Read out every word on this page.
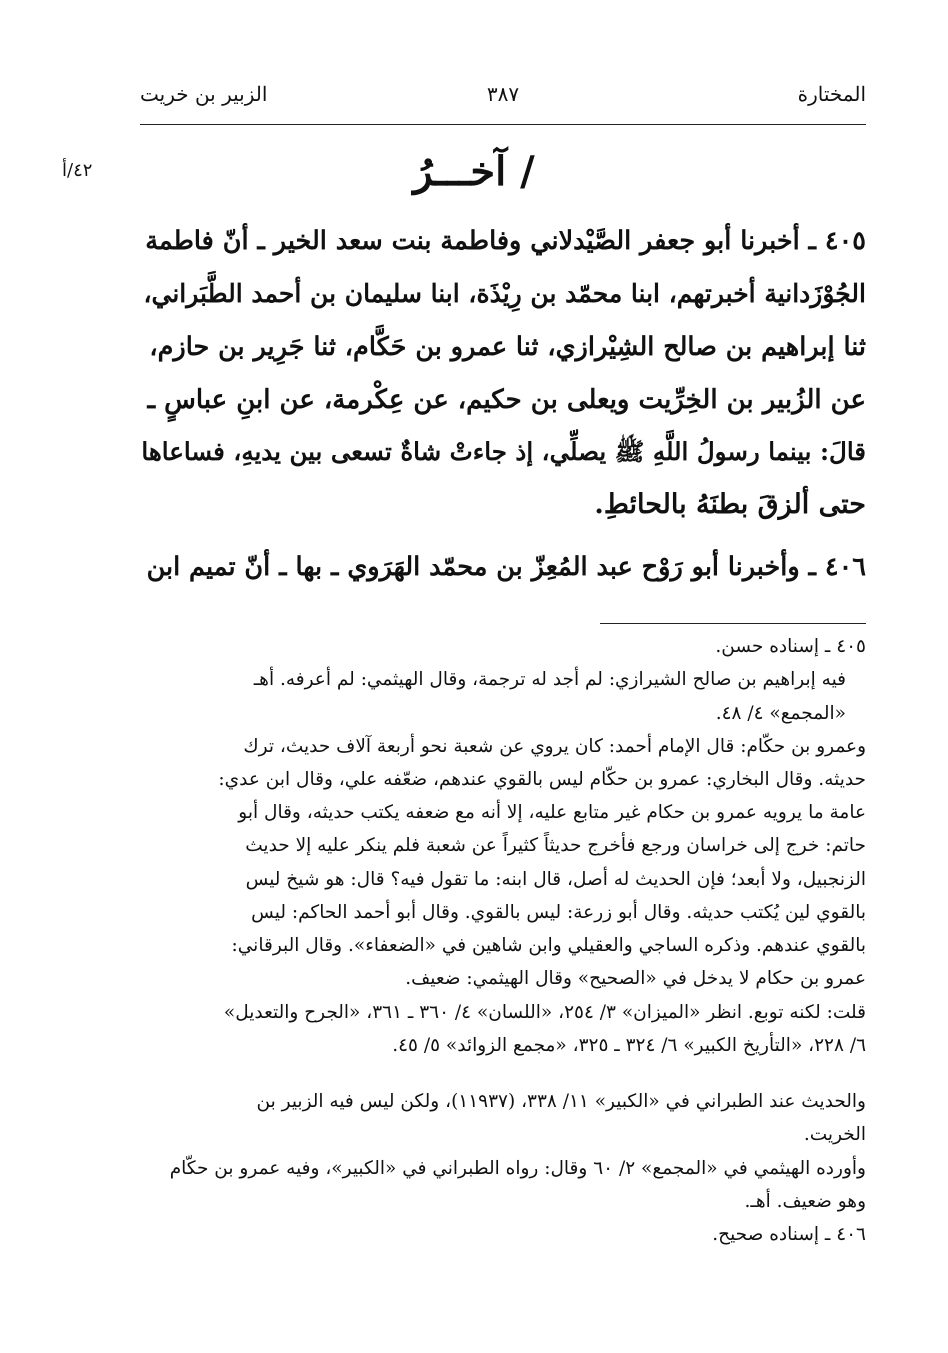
المختارة
٣٨٧
الزبير بن خريت
٤٢/أ	/ آخـــرُ
٤٠٥ ـ أخبرنا أبو جعفر الصَّيْدلاني وفاطمة بنت سعد الخير ـ أنّ فاطمة
الجُوْزَدانية أخبرتهم، ابنا محمّد بن رِيْذَة، ابنا سليمان بن أحمد الطَّبَراني،
ثنا إبراهيم بن صالح الشِيْرازي، ثنا عمرو بن حَكَّام، ثنا جَرِير بن حازم،
عن الزُبير بن الخِرِّيت ويعلى بن حكيم، عن عِكْرمة، عن ابنِ عباسٍ ـ
قالَ: بينما رسولُ اللَّهِ ﷺ يصلِّي، إذ جاءتْ شاةٌ تسعى بين يديهِ، فساعاها
حتى ألزقَ بطنَهُ بالحائطِ.
٤٠٦ ـ وأخبرنا أبو رَوْح عبد المُعِزّ بن محمّد الهَرَوي ـ بها ـ أنّ تميم ابن
٤٠٥ ـ إسناده حسن.
فيه إبراهيم بن صالح الشيرازي: لم أجد له ترجمة، وقال الهيثمي: لم أعرفه. أهـ
«المجمع» ٤/ ٤٨.
وعمرو بن حكّام: قال الإمام أحمد: كان يروي عن شعبة نحو أربعة آلاف حديث، ترك
حديثه. وقال البخاري: عمرو بن حكّام ليس بالقوي عندهم، ضعّفه علي، وقال ابن عدي:
عامة ما يرويه عمرو بن حكام غير متابع عليه، إلا أنه مع ضعفه يكتب حديثه، وقال أبو
حاتم: خرج إلى خراسان ورجع فأخرج حديثاً كثيراً عن شعبة فلم ينكر عليه إلا حديث
الزنجبيل، ولا أبعد؛ فإن الحديث له أصل، قال ابنه: ما تقول فيه؟ قال: هو شيخ ليس
بالقوي لين يُكتب حديثه. وقال أبو زرعة: ليس بالقوي. وقال أبو أحمد الحاكم: ليس
بالقوي عندهم. وذكره الساجي والعقيلي وابن شاهين في «الضعفاء». وقال البرقاني:
عمرو بن حكام لا يدخل في «الصحيح» وقال الهيثمي: ضعيف.
قلت: لكنه توبع. انظر «الميزان» ٣/ ٢٥٤، «اللسان» ٤/ ٣٦٠ ـ ٣٦١، «الجرح والتعديل»
٦/ ٢٢٨، «التأريخ الكبير» ٦/ ٣٢٤ ـ ٣٢٥، «مجمع الزوائد» ٥/ ٤٥.
والحديث عند الطبراني في «الكبير» ١١/ ٣٣٨، (١١٩٣٧)، ولكن ليس فيه الزبير بن
الخريت.
وأورده الهيثمي في «المجمع» ٢/ ٦٠ وقال: رواه الطبراني في «الكبير»، وفيه عمرو بن حكّام
وهو ضعيف. أهـ.
٤٠٦ ـ إسناده صحيح.
